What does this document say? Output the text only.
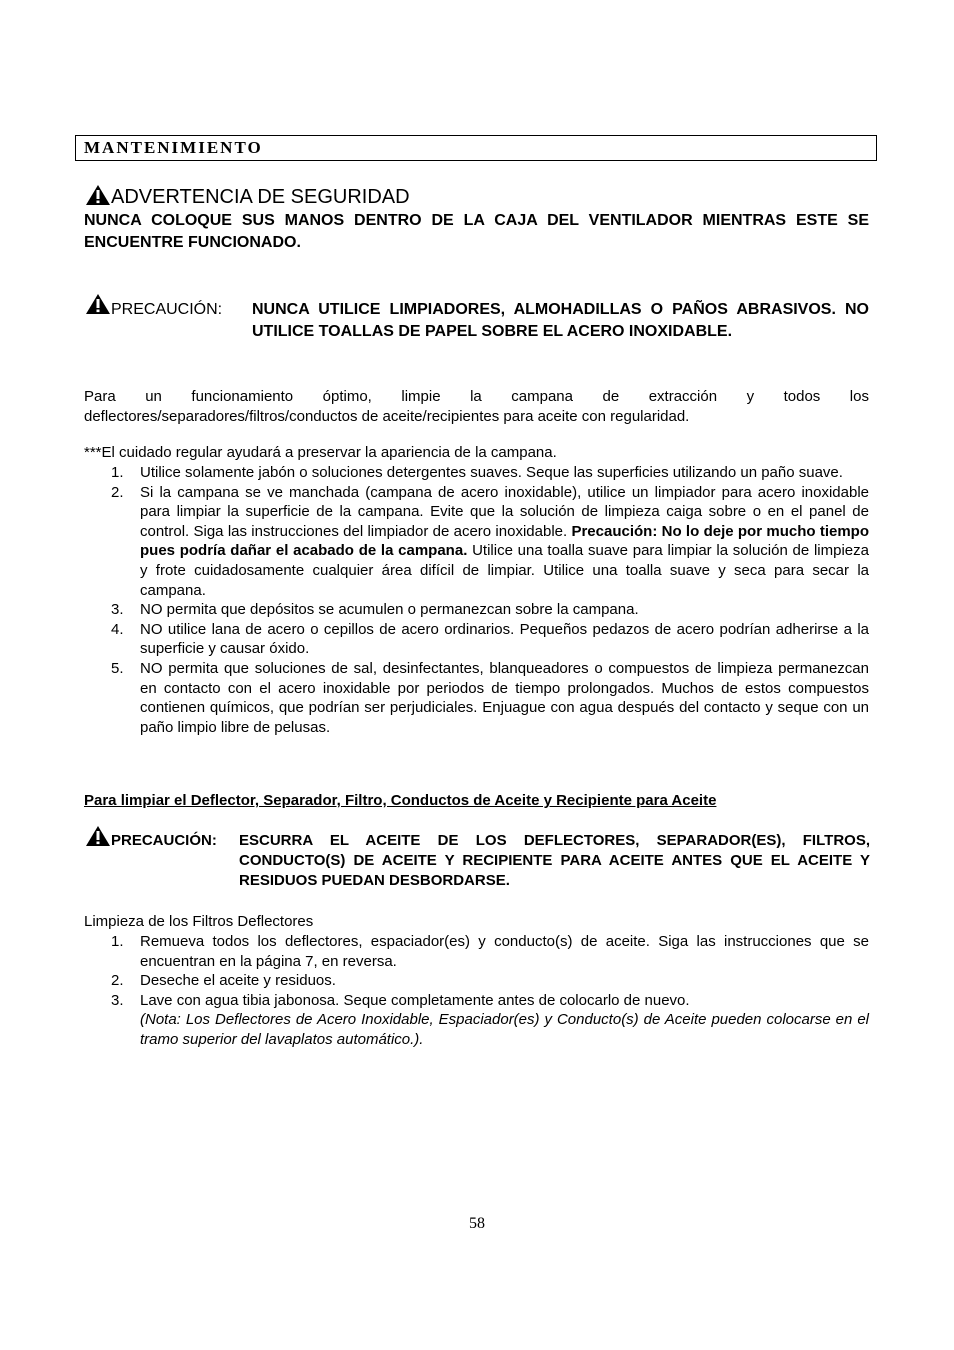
MANTENIMIENTO
ADVERTENCIA DE SEGURIDAD
NUNCA COLOQUE SUS MANOS DENTRO DE LA CAJA DEL VENTILADOR MIENTRAS ESTE SE ENCUENTRE FUNCIONADO.
PRECAUCIÓN: NUNCA UTILICE LIMPIADORES, ALMOHADILLAS O PAÑOS ABRASIVOS. NO UTILICE TOALLAS DE PAPEL SOBRE EL ACERO INOXIDABLE.
Para un funcionamiento óptimo, limpie la campana de extracción y todos los
deflectores/separadores/filtros/conductos de aceite/recipientes para aceite con regularidad.
***El cuidado regular ayudará a preservar la apariencia de la campana.
1.	Utilice solamente jabón o soluciones detergentes suaves. Seque las superficies utilizando un paño suave.
2.	Si la campana se ve manchada (campana de acero inoxidable), utilice un limpiador para acero inoxidable para limpiar la superficie de la campana. Evite que la solución de limpieza caiga sobre o en el panel de control. Siga las instrucciones del limpiador de acero inoxidable. Precaución: No lo deje por mucho tiempo pues podría dañar el acabado de la campana. Utilice una toalla suave para limpiar la solución de limpieza y frote cuidadosamente cualquier área difícil de limpiar. Utilice una toalla suave y seca para secar la campana.
3.	NO permita que depósitos se acumulen o permanezcan sobre la campana.
4.	NO utilice lana de acero o cepillos de acero ordinarios. Pequeños pedazos de acero podrían adherirse a la superficie y causar óxido.
5.	NO permita que soluciones de sal, desinfectantes, blanqueadores o compuestos de limpieza permanezcan en contacto con el acero inoxidable por periodos de tiempo prolongados. Muchos de estos compuestos contienen químicos, que podrían ser perjudiciales. Enjuague con agua después del contacto y seque con un paño limpio libre de pelusas.
Para limpiar el Deflector, Separador, Filtro, Conductos de Aceite y Recipiente para Aceite
PRECAUCIÓN: ESCURRA EL ACEITE DE LOS DEFLECTORES, SEPARADOR(ES), FILTROS, CONDUCTO(S) DE ACEITE Y RECIPIENTE PARA ACEITE ANTES QUE EL ACEITE Y RESIDUOS PUEDAN DESBORDARSE.
Limpieza de los Filtros Deflectores
1.	Remueva todos los deflectores, espaciador(es) y conducto(s) de aceite. Siga las instrucciones que se encuentran en la página 7, en reversa.
2.	Deseche el aceite y residuos.
3.	Lave con agua tibia jabonosa. Seque completamente antes de colocarlo de nuevo.
(Nota: Los Deflectores de Acero Inoxidable, Espaciador(es) y Conducto(s) de Aceite pueden colocarse en el tramo superior del lavaplatos automático.).
58
